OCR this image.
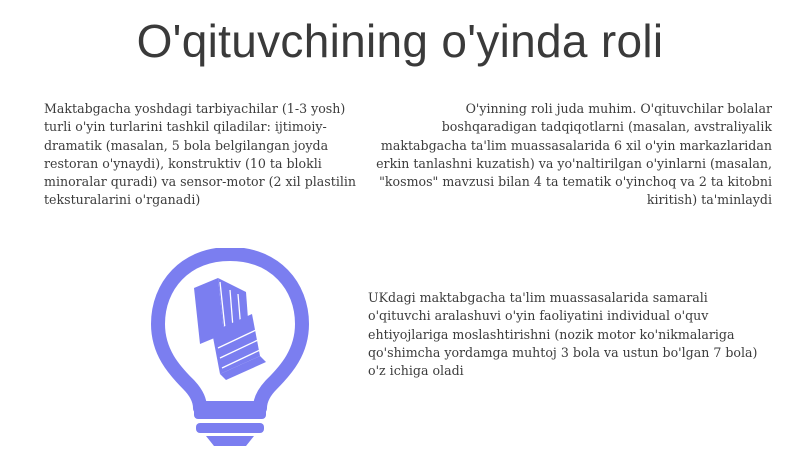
O'qituvchining o'yinda roli
Maktabgacha yoshdagi tarbiyachilar (1-3 yosh) turli o'yin turlarini tashkil qiladilar: ijtimoiy-dramatik (masalan, 5 bola belgilangan joyda restoran o'ynaydi), konstruktiv (10 ta blokli minoralar quradi) va sensor-motor (2 xil plastilin teksturalarini o'rganadi)
O'yinning roli juda muhim. O'qituvchilar bolalar boshqaradigan tadqiqotlarni (masalan, avstraliyalik maktabgacha ta'lim muassasalarida 6 xil o'yin markazlaridan erkin tanlashni kuzatish) va yo'naltirilgan o'yinlarni (masalan, "kosmos" mavzusi bilan 4 ta tematik o'yinchoq va 2 ta kitobni kiritish) ta'minlaydi
UKdagi maktabgacha ta'lim muassasalarida samarali o'qituvchi aralashuvi o'yin faoliyatini individual o'quv ehtiyojlariga moslashtirishni (nozik motor ko'nikmalariga qo'shimcha yordamga muhtoj 3 bola va ustun bo'lgan 7 bola) o'z ichiga oladi
